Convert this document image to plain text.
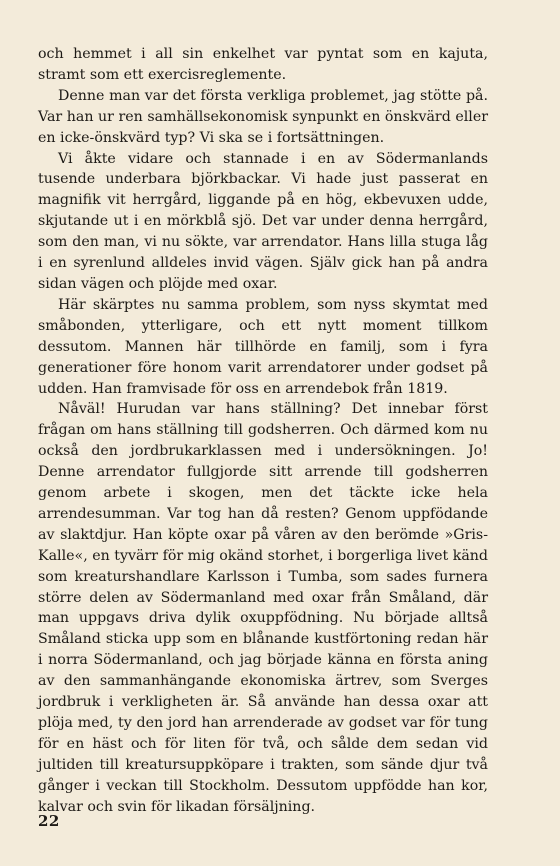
och hemmet i all sin enkelhet var pyntat som en kajuta, stramt som ett exercisreglemente.

Denne man var det första verkliga problemet, jag stötte på. Var han ur ren samhällsekonomisk synpunkt en önskvärd eller en icke-önskvärd typ? Vi ska se i fortsättningen.

Vi åkte vidare och stannade i en av Södermanlands tusende underbara björkbackar. Vi hade just passerat en magnifik vit herrgård, liggande på en hög, ekbevuxen udde, skjutande ut i en mörkblå sjö. Det var under denna herrgård, som den man, vi nu sökte, var arrendator. Hans lilla stuga låg i en syrenlund alldeles invid vägen. Själv gick han på andra sidan vägen och plöjde med oxar.

Här skärptes nu samma problem, som nyss skymtat med småbonden, ytterligare, och ett nytt moment tillkom dessutom. Mannen här tillhörde en familj, som i fyra generationer före honom varit arrendatorer under godset på udden. Han framvisade för oss en arrendebok från 1819.

Nåväl! Hurudan var hans ställning? Det innebar först frågan om hans ställning till godsherren. Och därmed kom nu också den jordbrukarklassen med i undersökningen. Jo! Denne arrendator fullgjorde sitt arrende till godsherren genom arbete i skogen, men det täckte icke hela arrendesumman. Var tog han då resten? Genom uppfödande av slaktdjur. Han köpte oxar på våren av den berömde »Gris-Kalle«, en tyvärr för mig okänd storhet, i borgerliga livet känd som kreaturshandlare Karlsson i Tumba, som sades furnera större delen av Södermanland med oxar från Småland, där man uppgavs driva dylik oxuppfödning. Nu började alltså Småland sticka upp som en blånande kustförtoning redan här i norra Södermanland, och jag började känna en första aning av den sammanhängande ekonomiska ärtrev, som Sverges jordbruk i verkligheten är. Så använde han dessa oxar att plöja med, ty den jord han arrenderade av godset var för tung för en häst och för liten för två, och sålde dem sedan vid jultiden till kreatursuppköpare i trakten, som sände djur två gånger i veckan till Stockholm. Dessutom uppfödde han kor, kalvar och svin för likadan försäljning.

22
